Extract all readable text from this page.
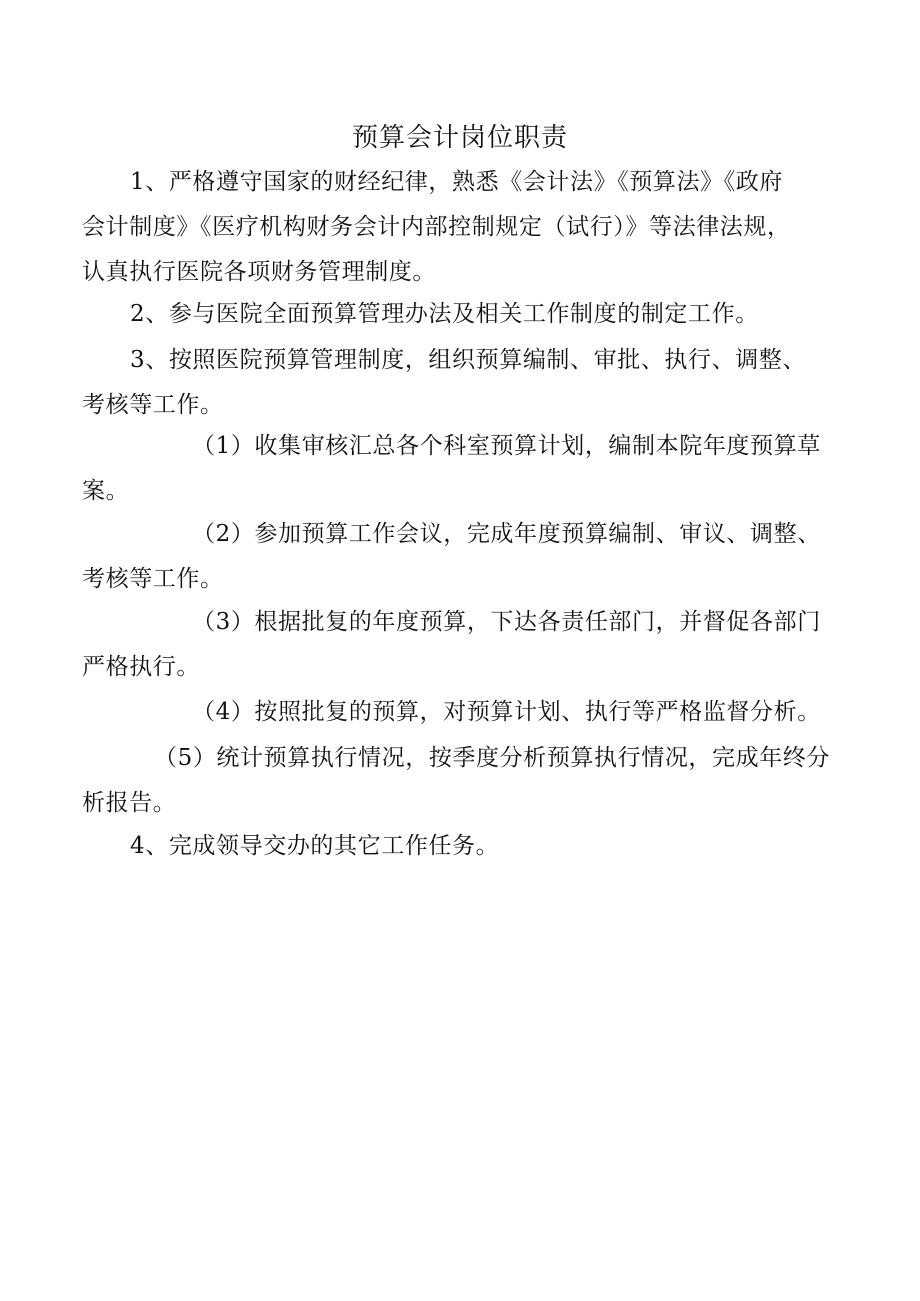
预算会计岗位职责
1、严格遵守国家的财经纪律，熟悉《会计法》《预算法》《政府
会计制度》《医疗机构财务会计内部控制规定（试行）》等法律法规，
认真执行医院各项财务管理制度。
2、参与医院全面预算管理办法及相关工作制度的制定工作。
3、按照医院预算管理制度，组织预算编制、审批、执行、调整、
考核等工作。
（1）收集审核汇总各个科室预算计划，编制本院年度预算草
案。
（2）参加预算工作会议，完成年度预算编制、审议、调整、
考核等工作。
（3）根据批复的年度预算，下达各责任部门，并督促各部门
严格执行。
（4）按照批复的预算，对预算计划、执行等严格监督分析。
（5）统计预算执行情况，按季度分析预算执行情况，完成年终分
析报告。
4、完成领导交办的其它工作任务。
